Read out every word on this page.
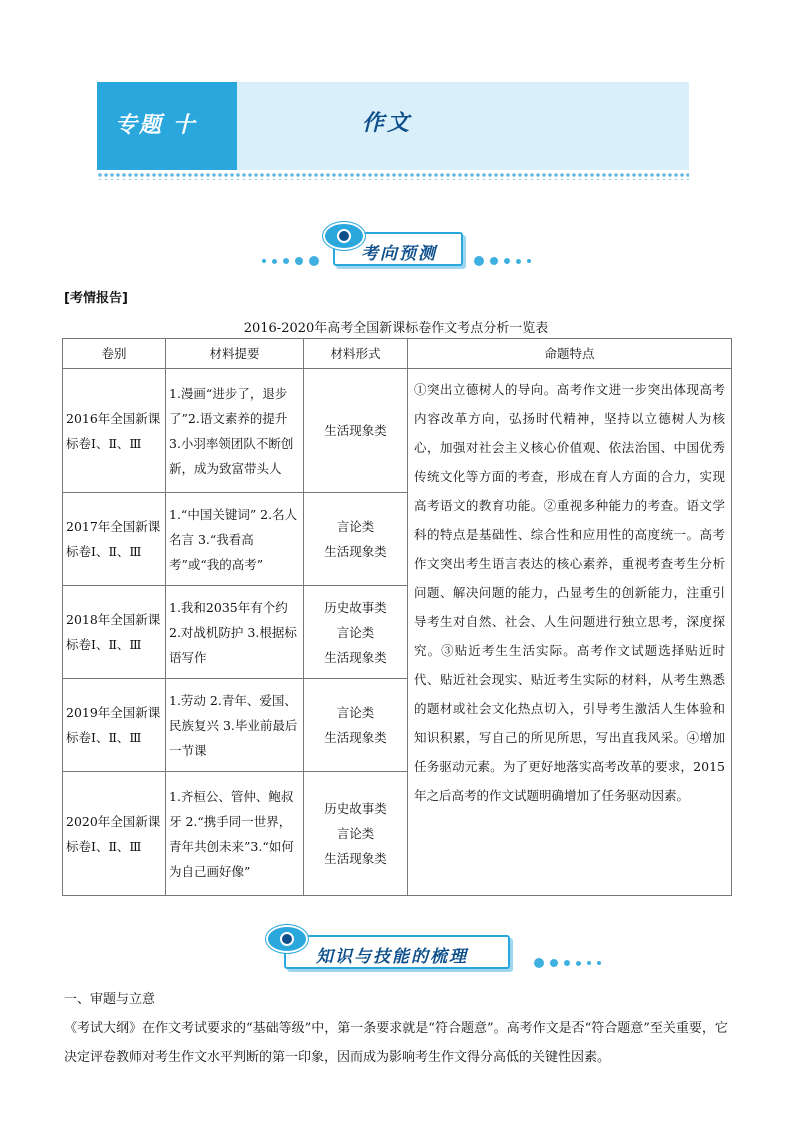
专题 十	作文
考向预测
[考情报告]
2016-2020年高考全国新课标卷作文考点分析一览表
卷别	材料提要	材料形式	命题特点
2016年全国新课标卷Ⅰ、Ⅱ、Ⅲ	1.漫画“进步了，退步了”2.语文素养的提升 3.小羽率领团队不断创新，成为致富带头人	生活现象类	①突出立德树人的导向。高考作文进一步突出体现高考内容改革方向，弘扬时代精神，坚持以立德树人为核心，加强对社会主义核心价值观、依法治国、中国优秀传统文化等方面的考查，形成在育人方面的合力，实现高考语文的教育功能。②重视多种能力的考查。语文学科的特点是基础性、综合性和应用性的高度统一。高考作文突出考生语言表达的核心素养，重视考查考生分析问题、解决问题的能力，凸显考生的创新能力，注重引导考生对自然、社会、人生问题进行独立思考，深度探究。③贴近考生生活实际。高考作文试题选择贴近时代、贴近社会现实、贴近考生实际的材料，从考生熟悉的题材或社会文化热点切入，引导考生激活人生体验和知识积累，写自己的所见所思，写出直我风采。④增加任务驱动元素。为了更好地落实高考改革的要求，2015年之后高考的作文试题明确增加了任务驱动因素。
2017年全国新课标卷Ⅰ、Ⅱ、Ⅲ	1.“中国关键词” 2.名人名言 3.“我看高考”或“我的高考”	言论类
生活现象类	
2018年全国新课标卷Ⅰ、Ⅱ、Ⅲ	1.我和2035年有个约 2.对战机防护 3.根据标语写作	历史故事类
言论类
生活现象类	
2019年全国新课标卷Ⅰ、Ⅱ、Ⅲ	1.劳动 2.青年、爱国、民族复兴 3.毕业前最后一节课	言论类
生活现象类	
2020年全国新课标卷Ⅰ、Ⅱ、Ⅲ	1.齐桓公、管仲、鲍叔牙 2.“携手同一世界，青年共创未来”3.“如何为自己画好像”	历史故事类
言论类
生活现象类	
知识与技能的梳理
一、审题与立意
《考试大纲》在作文考试要求的“基础等级”中，第一条要求就是“符合题意”。高考作文是否“符合题意”至关重要，它决定评卷教师对考生作文水平判断的第一印象，因而成为影响考生作文得分高低的关键性因素。
